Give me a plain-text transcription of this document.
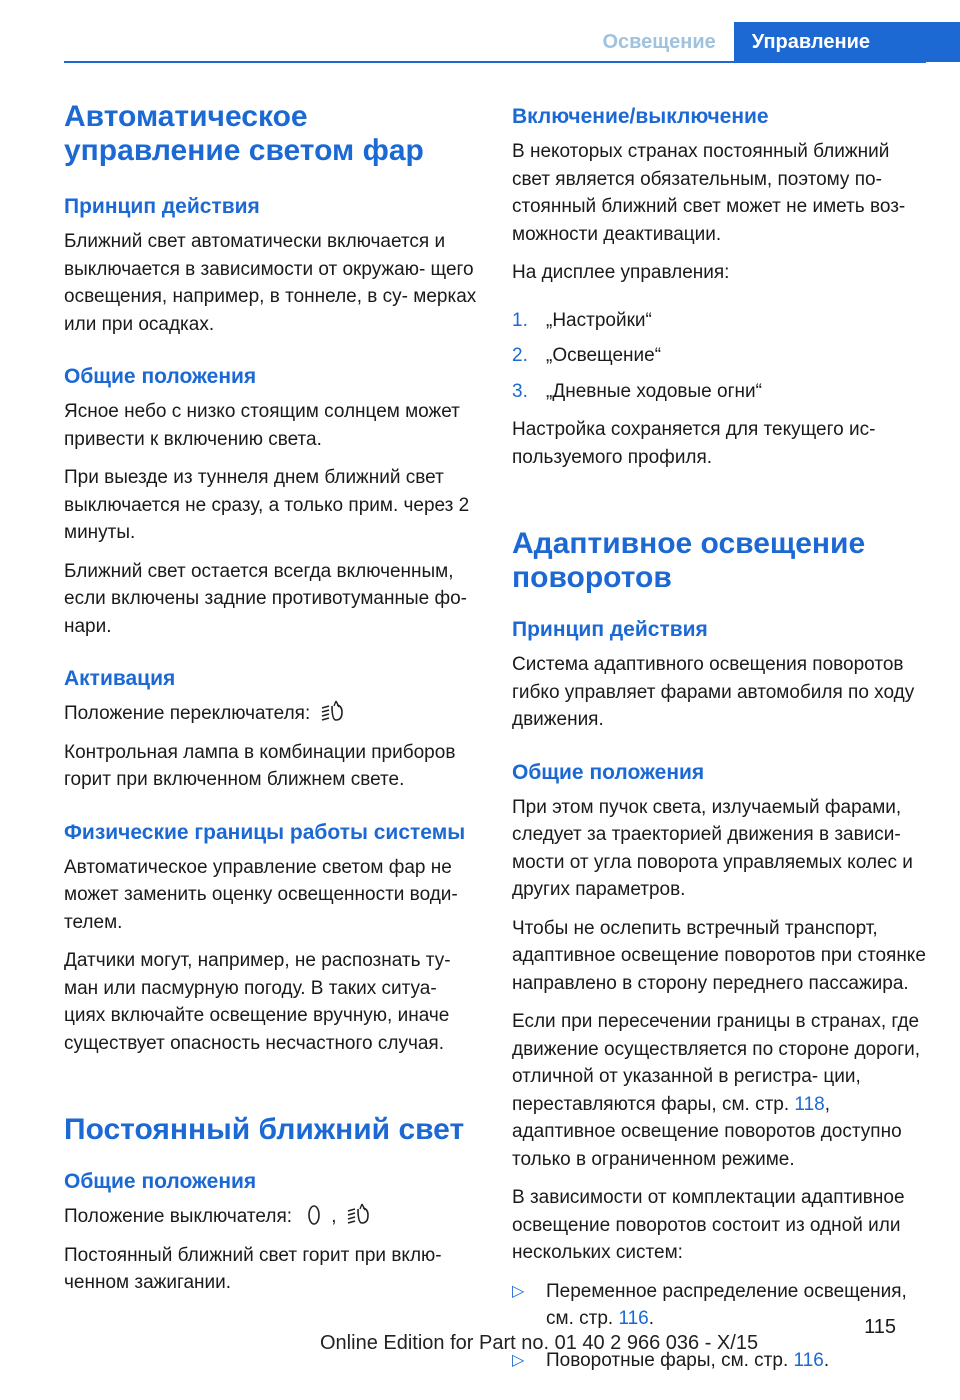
Освещение	Управление
Автоматическое управление светом фар
Принцип действия

Ближний свет автоматически включается и выключается в зависимости от окружаю- щего освещения, например, в тоннеле, в су- мерках или при осадках.

Общие положения

Ясное небо с низко стоящим солнцем может привести к включению света.

При выезде из туннеля днем ближний свет выключается не сразу, а только прим. через 2 минуты.

Ближний свет остается всегда включенным, если включены задние противотуманные фо- нари.

Активация

Положение переключателя:

Контрольная лампа в комбинации приборов горит при включенном ближнем свете.

Физические границы работы системы

Автоматическое управление светом фар не может заменить оценку освещенности води- телем.

Датчики могут, например, не распознать ту- ман или пасмурную погоду. В таких ситуа- циях включайте освещение вручную, иначе существует опасность несчастного случая.

Постоянный ближний свет
Общие положения

Положение выключателя: ,

Постоянный ближний свет горит при вклю- ченном зажигании.

Включение/выключение

В некоторых странах постоянный ближний свет является обязательным, поэтому по- стоянный ближний свет может не иметь воз- можности деактивации.

На дисплее управления:

1. „Настройки“
2. „Освещение“
3. „Дневные ходовые огни“

Настройка сохраняется для текущего ис- пользуемого профиля.

Адаптивное освещение поворотов
Принцип действия

Система адаптивного освещения поворотов гибко управляет фарами автомобиля по ходу движения.

Общие положения

При этом пучок света, излучаемый фарами, следует за траекторией движения в зависи- мости от угла поворота управляемых колес и других параметров.

Чтобы не ослепить встречный транспорт, адаптивное освещение поворотов при стоянке направлено в сторону переднего пассажира.

Если при пересечении границы в странах, где движение осуществляется по стороне дороги, отличной от указанной в регистра- ции, переставляются фары, см. стр. 118, адаптивное освещение поворотов доступно только в ограниченном режиме.

В зависимости от комплектации адаптивное освещение поворотов состоит из одной или нескольких систем:

▷	Переменное распределение освещения, см. стр. 116.
▷	Поворотные фары, см. стр. 116.
115
Online Edition for Part no. 01 40 2 966 036 - X/15
